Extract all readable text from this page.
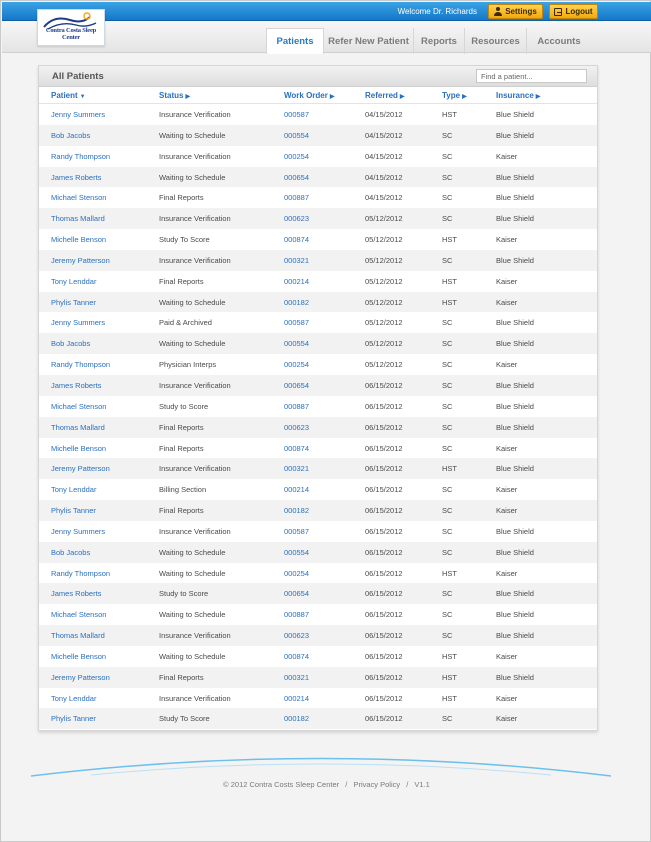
Welcome Dr. Richards	Settings	Logout
Patients	Refer New Patient	Reports	Resources	Accounts
Contra Costa Sleep Center
All Patients
Find a patient...
Patient ▼	Status ▶	Work Order ▶	Referred ▶	Type ▶	Insurance ▶
Jenny Summers	Insurance Verification	000587	04/15/2012	HST	Blue Shield
Bob Jacobs	Waiting to Schedule	000554	04/15/2012	SC	Blue Shield
Randy Thompson	Insurance Verification	000254	04/15/2012	SC	Kaiser
James Roberts	Waiting to Schedule	000654	04/15/2012	SC	Blue Shield
Michael Stenson	Final Reports	000887	04/15/2012	SC	Blue Shield
Thomas Mallard	Insurance Verification	000623	05/12/2012	SC	Blue Shield
Michelle Benson	Study To Score	000874	05/12/2012	HST	Kaiser
Jeremy Patterson	Insurance Verification	000321	05/12/2012	SC	Blue Shield
Tony Lenddar	Final Reports	000214	05/12/2012	HST	Kaiser
Phylis Tanner	Waiting to Schedule	000182	05/12/2012	HST	Kaiser
Jenny Summers	Paid & Archived	000587	05/12/2012	SC	Blue Shield
Bob Jacobs	Waiting to Schedule	000554	05/12/2012	SC	Blue Shield
Randy Thompson	Physician Interps	000254	05/12/2012	SC	Kaiser
James Roberts	Insurance Verification	000654	06/15/2012	SC	Blue Shield
Michael Stenson	Study to Score	000887	06/15/2012	SC	Blue Shield
Thomas Mallard	Final Reports	000623	06/15/2012	SC	Blue Shield
Michelle Benson	Final Reports	000874	06/15/2012	SC	Kaiser
Jeremy Patterson	Insurance Verification	000321	06/15/2012	HST	Blue Shield
Tony Lenddar	Billing Section	000214	06/15/2012	SC	Kaiser
Phylis Tanner	Final Reports	000182	06/15/2012	SC	Kaiser
Jenny Summers	Insurance Verification	000587	06/15/2012	SC	Blue Shield
Bob Jacobs	Waiting to Schedule	000554	06/15/2012	SC	Blue Shield
Randy Thompson	Waiting to Schedule	000254	06/15/2012	HST	Kaiser
James Roberts	Study to Score	000654	06/15/2012	SC	Blue Shield
Michael Stenson	Waiting to Schedule	000887	06/15/2012	SC	Blue Shield
Thomas Mallard	Insurance Verification	000623	06/15/2012	SC	Blue Shield
Michelle Benson	Waiting to Schedule	000874	06/15/2012	HST	Kaiser
Jeremy Patterson	Final Reports	000321	06/15/2012	HST	Blue Shield
Tony Lenddar	Insurance Verification	000214	06/15/2012	HST	Kaiser
Phylis Tanner	Study To Score	000182	06/15/2012	SC	Kaiser
© 2012 Contra Costs Sleep Center / Privacy Policy / V1.1
